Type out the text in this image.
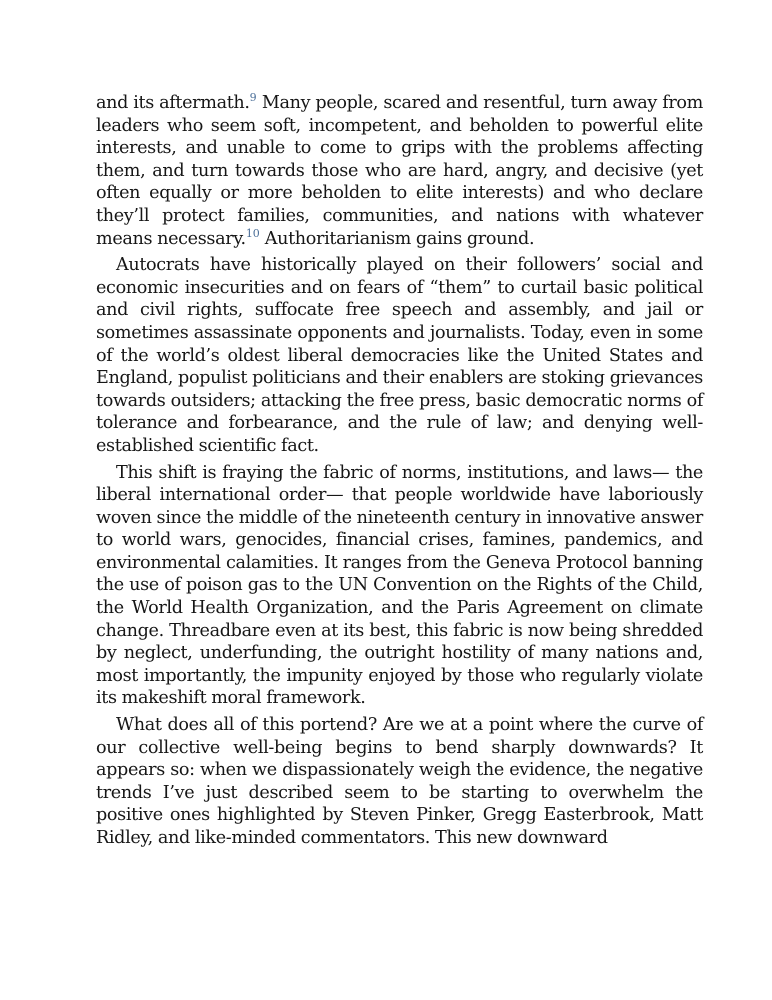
and its aftermath.$^9$ Many people, scared and resentful, turn away from leaders who seem soft, incompetent, and beholden to powerful elite interests, and unable to come to grips with the problems affecting them, and turn towards those who are hard, angry, and decisive (yet often equally or more beholden to elite interests) and who declare they’ll protect families, communities, and nations with whatever means necessary.$^{10}$ Authoritarianism gains ground.

Autocrats have historically played on their followers’ social and economic insecurities and on fears of “them” to curtail basic political and civil rights, suffocate free speech and assembly, and jail or sometimes assassinate opponents and journalists. Today, even in some of the world’s oldest liberal democracies like the United States and England, populist politicians and their enablers are stoking grievances towards outsiders; attacking the free press, basic democratic norms of tolerance and forbearance, and the rule of law; and denying well-established scientific fact.

This shift is fraying the fabric of norms, institutions, and laws— the liberal international order— that people worldwide have laboriously woven since the middle of the nineteenth century in innovative answer to world wars, genocides, financial crises, famines, pandemics, and environmental calamities. It ranges from the Geneva Protocol banning the use of poison gas to the UN Convention on the Rights of the Child, the World Health Organization, and the Paris Agreement on climate change. Threadbare even at its best, this fabric is now being shredded by neglect, underfunding, the outright hostility of many nations and, most importantly, the impunity enjoyed by those who regularly violate its makeshift moral framework.

What does all of this portend? Are we at a point where the curve of our collective well-being begins to bend sharply downwards? It appears so: when we dispassionately weigh the evidence, the negative trends I’ve just described seem to be starting to overwhelm the positive ones highlighted by Steven Pinker, Gregg Easterbrook, Matt Ridley, and like-minded commentators. This new downward
